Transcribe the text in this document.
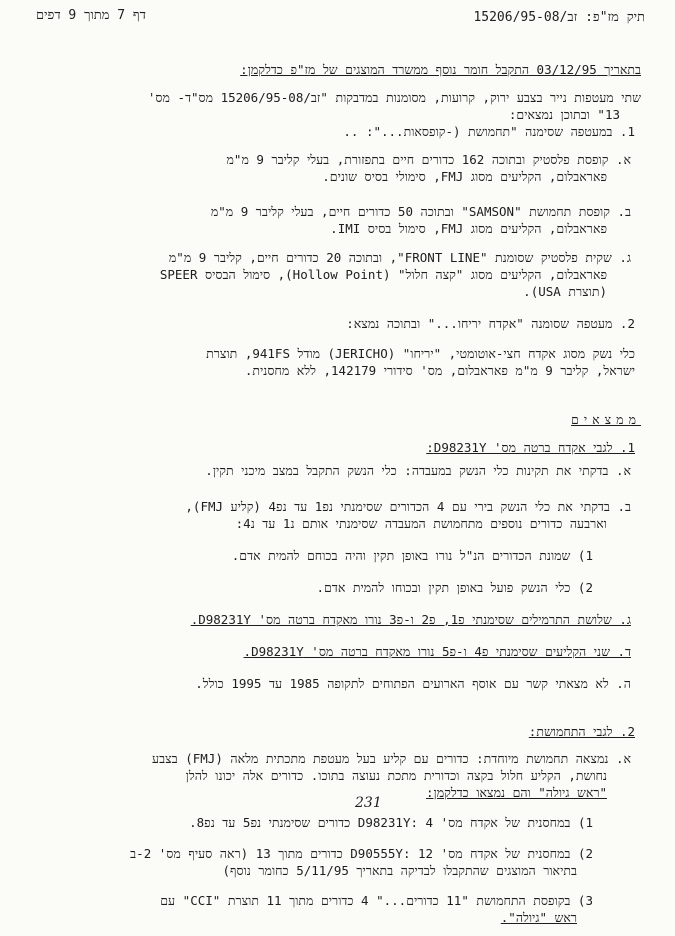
דף 7 מתוך 9 דפים	תיק מז"פ: זב/15206/95-08
בתאריך 03/12/95 התקבל חומר נוסף ממשרד המוצגים של מז"פ כדלקמן:
שתי מעטפות נייר בצבע ירוק, קרועות, מסומנות במדבקות "זב/15206/95-08 מס"ד- מס'
13" ובתוכן נמצאים:
1. במעטפה שסימנה "תחמושת (-קופסאות...": ..
א. קופסת פלסטיק ובתוכה 162 כדורים חיים בתפזורת, בעלי קליבר 9 מ"מ
פאראבלום, הקליעים מסוג FMJ, סימולי בסיס שונים.
ב. קופסת תחמושת "SAMSON" ובתוכה 50 כדורים חיים, בעלי קליבר 9 מ"מ
פאראבלום, הקליעים מסוג FMJ, סימול בסיס IMI.
ג. שקית פלסטיק שסומנת "FRONT LINE", ובתוכה 20 כדורים חיים, קליבר 9 מ"מ
פאראבלום, הקליעים מסוג "קצה חלול" (Hollow Point), סימול הבסיס SPEER
(תוצרת USA).
2. מעטפה שסומנה "אקדח יריחו..." ובתוכה נמצא:
כלי נשק מסוג אקדח חצי-אוטומטי, "יריחו" (JERICHO) מודל 941FS, תוצרת
ישראל, קליבר 9 מ"מ פאראבלום, מס' סידורי 142179, ללא מחסנית.
ממצאים
1. לגבי אקדח ברטה מס' D98231Y:
א. בדקתי את תקינות כלי הנשק במעבדה: כלי הנשק התקבל במצב מיכני תקין.
ב. בדקתי את כלי הנשק בירי עם 4 הכדורים שסימנתי נפ1 עד נפ4 (קליע FMJ),
וארבעה כדורים נוספים מתחמושת המעבדה שסימנתי אותם נ1 עד נ4:
1) שמונת הכדורים הנ"ל נורו באופן תקין והיה בכוחם להמית אדם.
2) כלי הנשק פועל באופן תקין ובכוחו להמית אדם.
ג. שלושת התרמילים שסימנתי פ1, פ2 ו-פ3 נורו מאקדח ברטה מס' D98231Y.
ד. שני הקליעים שסימנתי פ4 ו-פ5 נורו מאקדח ברטה מס' D98231Y.
ה. לא מצאתי קשר עם אוסף הארועים הפתוחים לתקופה 1985 עד 1995 כולל.
2. לגבי התחמושת:
א. נמצאה תחמושת מיוחדת: כדורים עם קליע בעל מעטפת מתכתית מלאה (FMJ) בצבע
נחושת, הקליע חלול בקצה וכדורית מתכת נעוצה בתוכו. כדורים אלה יכונו להלן
"ראש גיולה" והם נמצאו כדלקמן:
231
1) במחסנית של אקדח מס' D98231Y: 4 כדורים שסימנתי נפ5 עד נפ8.
2) במחסנית של אקדח מס' D90555Y: 12 כדורים מתוך 13 (ראה סעיף מס' 2-ב
בתיאור המוצגים שהתקבלו לבדיקה בתאריך 5/11/95 כחומר נוסף)
3) בקופסת התחמושת "11 כדורים..." 4 כדורים מתוך 11 תוצרת "CCI" עם
ראש "גיולה".
